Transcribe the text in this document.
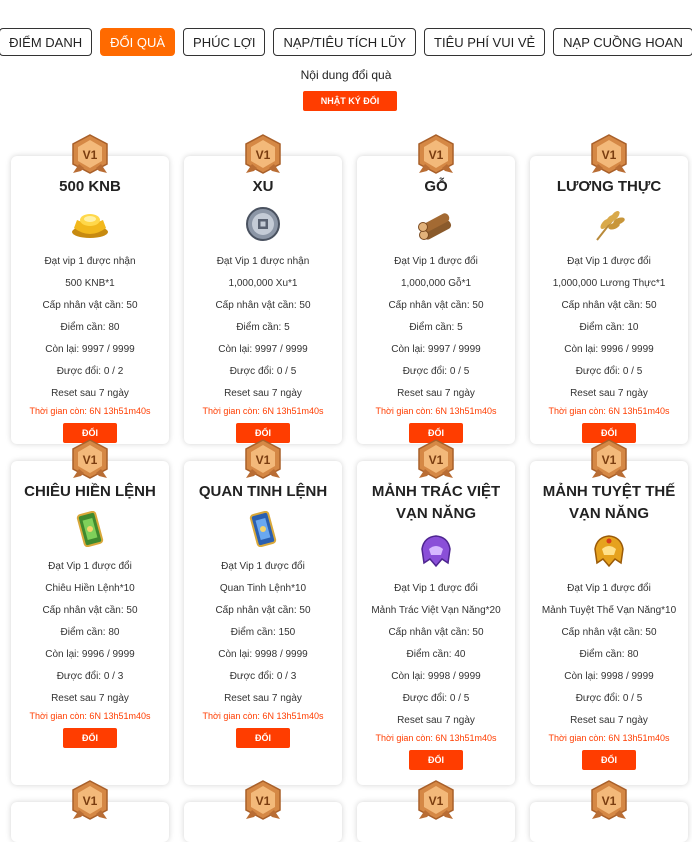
ĐIỂM DANH	ĐỔI QUÀ	PHÚC LỢI	NẠP/TIÊU TÍCH LŨY	TIÊU PHÍ VUI VẺ	NẠP CUỒNG HOAN
Nội dung đổi quà
NHẬT KÝ ĐỔI
V1
500 KNB
Đạt vip 1 được nhận
500 KNB*1
Cấp nhân vật cần: 50
Điểm cần: 80
Còn lại: 9997 / 9999
Được đổi: 0 / 2
Reset sau 7 ngày
Thời gian còn: 6N 13h51m40s
ĐỔI
V1
XU
Đạt Vip 1 được nhận
1,000,000 Xu*1
Cấp nhân vật cần: 50
Điểm cần: 5
Còn lại: 9997 / 9999
Được đổi: 0 / 5
Reset sau 7 ngày
Thời gian còn: 6N 13h51m40s
ĐỔI
V1
GỖ
Đạt Vip 1 được đổi
1,000,000 Gỗ*1
Cấp nhân vật cần: 50
Điểm cần: 5
Còn lại: 9997 / 9999
Được đổi: 0 / 5
Reset sau 7 ngày
Thời gian còn: 6N 13h51m40s
ĐỔI
V1
LƯƠNG THỰC
Đạt Vip 1 được đổi
1,000,000 Lương Thực*1
Cấp nhân vật cần: 50
Điểm cần: 10
Còn lại: 9996 / 9999
Được đổi: 0 / 5
Reset sau 7 ngày
Thời gian còn: 6N 13h51m40s
ĐỔI
V1
CHIÊU HIỀN LỆNH
Đạt Vip 1 được đổi
Chiêu Hiền Lệnh*10
Cấp nhân vật cần: 50
Điểm cần: 80
Còn lại: 9996 / 9999
Được đổi: 0 / 3
Reset sau 7 ngày
Thời gian còn: 6N 13h51m40s
ĐỔI
V1
QUAN TINH LỆNH
Đạt Vip 1 được đổi
Quan Tinh Lệnh*10
Cấp nhân vật cần: 50
Điểm cần: 150
Còn lại: 9998 / 9999
Được đổi: 0 / 3
Reset sau 7 ngày
Thời gian còn: 6N 13h51m40s
ĐỔI
V1
MẢNH TRÁC VIỆT VẠN NĂNG
Đạt Vip 1 được đổi
Mảnh Trác Việt Vạn Năng*20
Cấp nhân vật cần: 50
Điểm cần: 40
Còn lại: 9998 / 9999
Được đổi: 0 / 5
Reset sau 7 ngày
Thời gian còn: 6N 13h51m40s
ĐỔI
V1
MẢNH TUYỆT THẾ VẠN NĂNG
Đạt Vip 1 được đổi
Mảnh Tuyệt Thế Vạn Năng*10
Cấp nhân vật cần: 50
Điểm cần: 80
Còn lại: 9998 / 9999
Được đổi: 0 / 5
Reset sau 7 ngày
Thời gian còn: 6N 13h51m40s
ĐỔI
V1	V1	V1	V1
